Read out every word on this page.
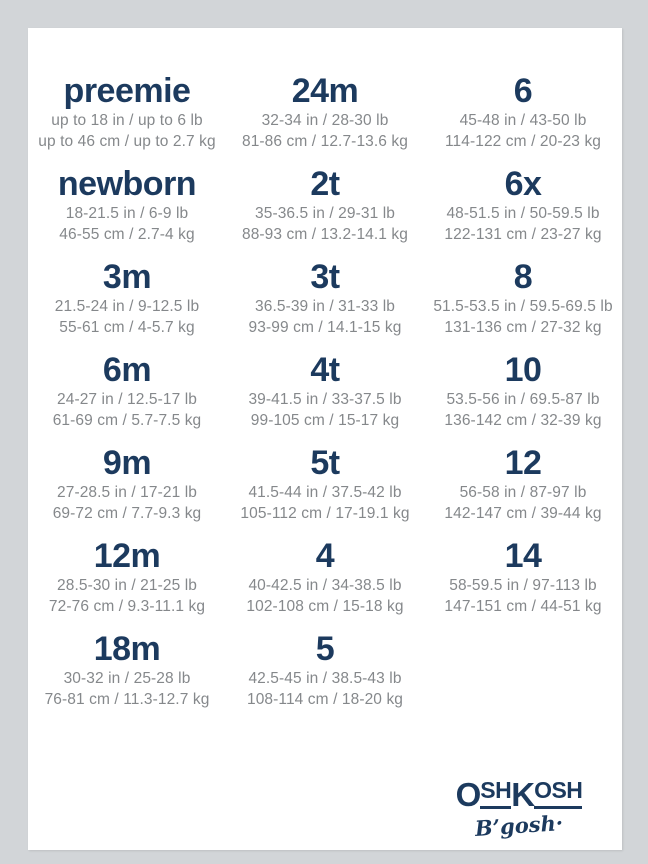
preemie
up to 18 in / up to 6 lb
up to 46 cm / up to 2.7 kg
newborn
18-21.5 in / 6-9 lb
46-55 cm / 2.7-4 kg
3m
21.5-24 in / 9-12.5 lb
55-61 cm / 4-5.7 kg
6m
24-27 in / 12.5-17 lb
61-69 cm / 5.7-7.5 kg
9m
27-28.5 in / 17-21 lb
69-72 cm / 7.7-9.3 kg
12m
28.5-30 in / 21-25 lb
72-76 cm / 9.3-11.1 kg
18m
30-32 in / 25-28 lb
76-81 cm / 11.3-12.7 kg
24m
32-34 in / 28-30 lb
81-86 cm / 12.7-13.6 kg
2t
35-36.5 in / 29-31 lb
88-93 cm / 13.2-14.1 kg
3t
36.5-39 in / 31-33 lb
93-99 cm / 14.1-15 kg
4t
39-41.5 in / 33-37.5 lb
99-105 cm / 15-17 kg
5t
41.5-44 in / 37.5-42 lb
105-112 cm / 17-19.1 kg
4
40-42.5 in / 34-38.5 lb
102-108 cm / 15-18 kg
5
42.5-45 in / 38.5-43 lb
108-114 cm / 18-20 kg
6
45-48 in / 43-50 lb
114-122 cm / 20-23 kg
6x
48-51.5 in / 50-59.5 lb
122-131 cm / 23-27 kg
8
51.5-53.5 in / 59.5-69.5 lb
131-136 cm / 27-32 kg
10
53.5-56 in / 69.5-87 lb
136-142 cm / 32-39 kg
12
56-58 in / 87-97 lb
142-147 cm / 39-44 kg
14
58-59.5 in / 97-113 lb
147-151 cm / 44-51 kg
O SH K OSH
B’gosh·
